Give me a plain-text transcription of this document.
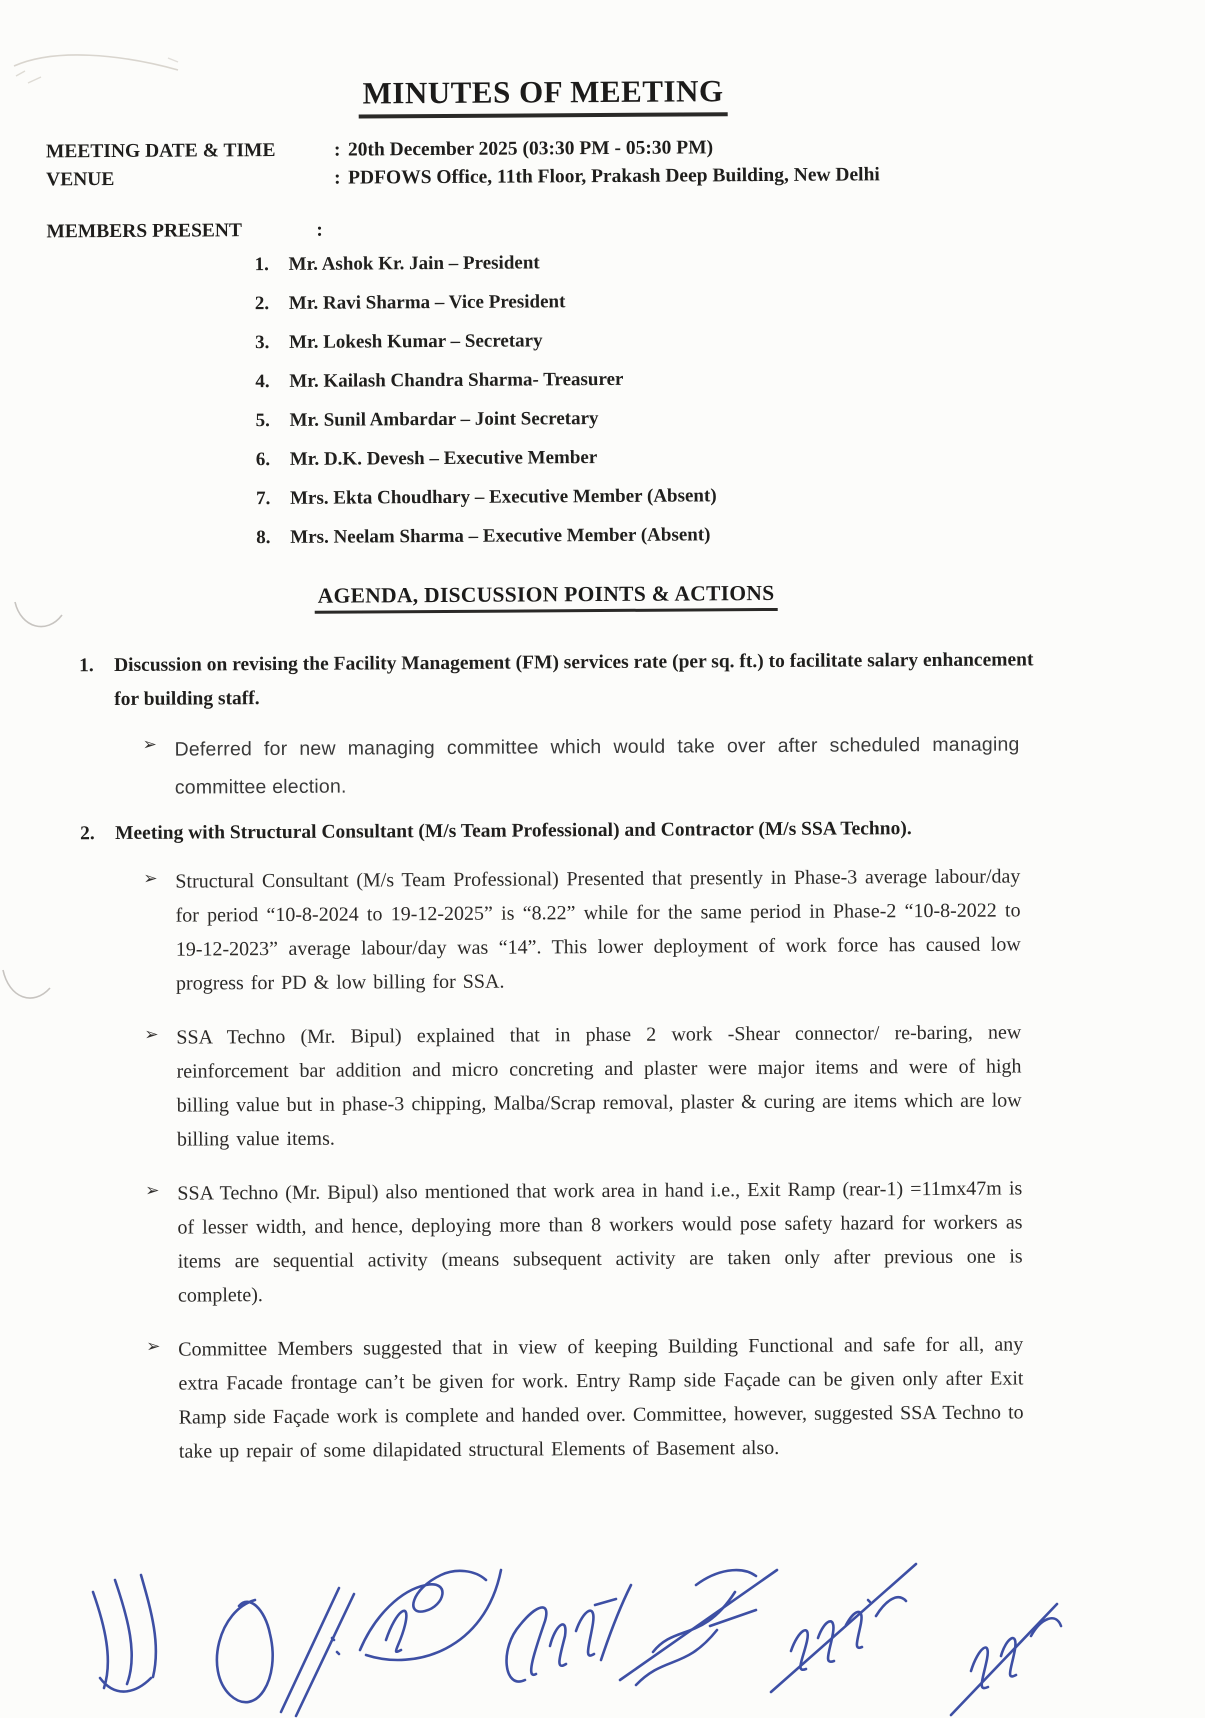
MINUTES OF MEETING
MEETING DATE & TIME	: 20th December 2025 (03:30 PM - 05:30 PM)
VENUE	: PDFOWS Office, 11th Floor, Prakash Deep Building, New Delhi
MEMBERS PRESENT	:
1.	Mr. Ashok Kr. Jain – President
2.	Mr. Ravi Sharma – Vice President
3.	Mr. Lokesh Kumar – Secretary
4.	Mr. Kailash Chandra Sharma- Treasurer
5.	Mr. Sunil Ambardar – Joint Secretary
6.	Mr. D.K. Devesh – Executive Member
7.	Mrs. Ekta Choudhary – Executive Member (Absent)
8.	Mrs. Neelam Sharma – Executive Member (Absent)
AGENDA, DISCUSSION POINTS & ACTIONS
1.	Discussion on revising the Facility Management (FM) services rate (per sq. ft.) to facilitate salary enhancement for building staff.
➢ Deferred for new managing committee which would take over after scheduled managing committee election.
2.	Meeting with Structural Consultant (M/s Team Professional) and Contractor (M/s SSA Techno).
➢ Structural Consultant (M/s Team Professional) Presented that presently in Phase-3 average labour/day for period “10-8-2024 to 19-12-2025” is “8.22” while for the same period in Phase-2 “10-8-2022 to 19-12-2023” average labour/day was “14”. This lower deployment of work force has caused low progress for PD & low billing for SSA.
➢ SSA Techno (Mr. Bipul) explained that in phase 2 work -Shear connector/ re-baring, new reinforcement bar addition and micro concreting and plaster were major items and were of high billing value but in phase-3 chipping, Malba/Scrap removal, plaster & curing are items which are low billing value items.
➢ SSA Techno (Mr. Bipul) also mentioned that work area in hand i.e., Exit Ramp (rear-1) =11mx47m is of lesser width, and hence, deploying more than 8 workers would pose safety hazard for workers as items are sequential activity (means subsequent activity are taken only after previous one is complete).
➢ Committee Members suggested that in view of keeping Building Functional and safe for all, any extra Facade frontage can’t be given for work. Entry Ramp side Façade can be given only after Exit Ramp side Façade work is complete and handed over. Committee, however, suggested SSA Techno to take up repair of some dilapidated structural Elements of Basement also.
